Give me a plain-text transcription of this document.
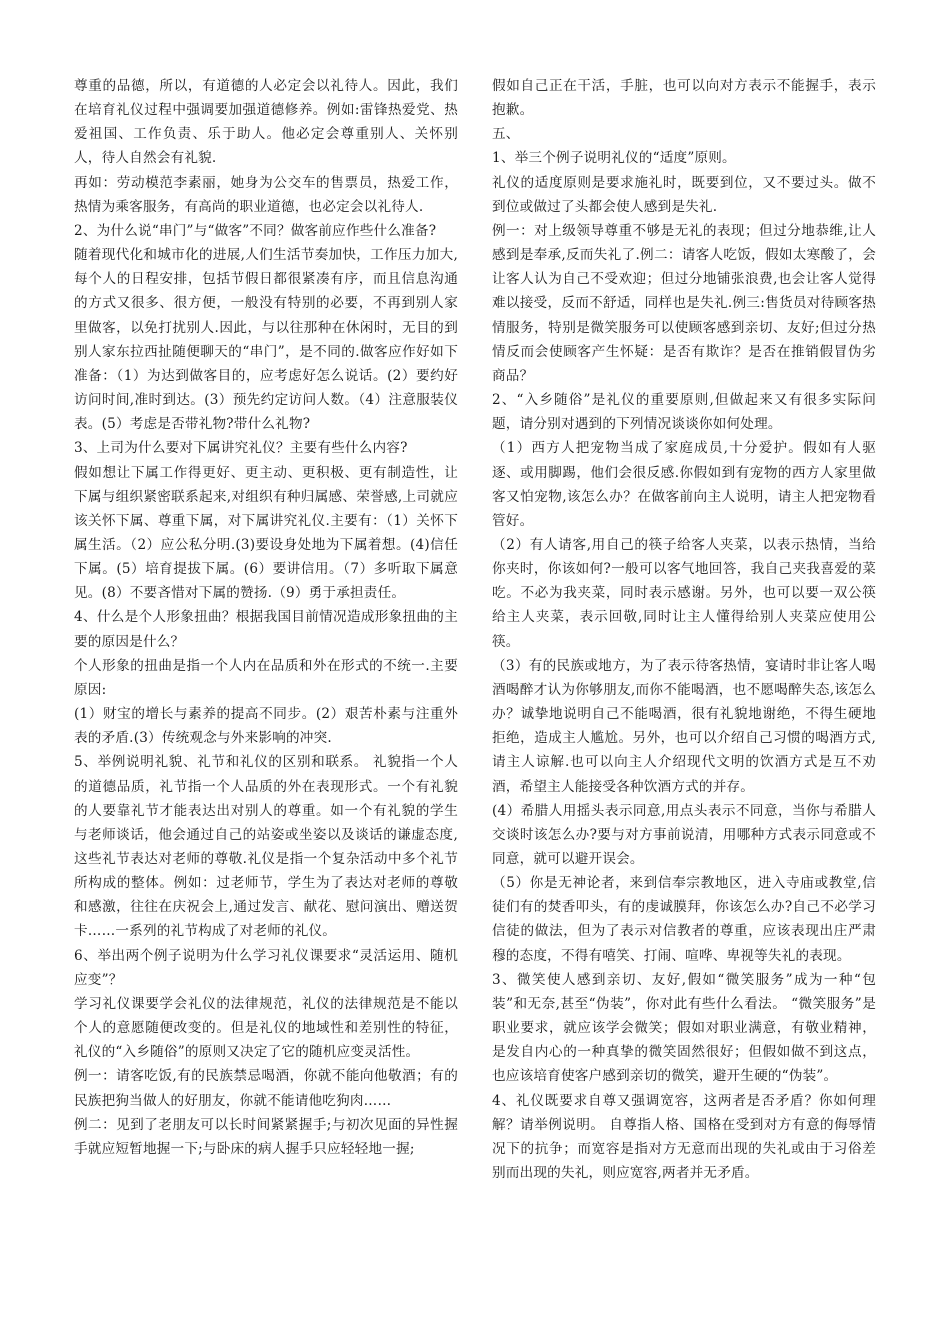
尊重的品德，所以，有道德的人必定会以礼待人。因此，我们在培育礼仪过程中强调要加强道德修养。例如:雷锋热爱党、热爱祖国、工作负责、乐于助人。他必定会尊重别人、关怀别人，待人自然会有礼貌.

再如：劳动模范李素丽，她身为公交车的售票员，热爱工作，热情为乘客服务，有高尚的职业道德，也必定会以礼待人.

2、为什么说“串门”与“做客”不同？做客前应作些什么准备?

随着现代化和城市化的进展,人们生活节奏加快，工作压力加大,每个人的日程安排，包括节假日都很紧凑有序，而且信息沟通的方式又很多、很方便，一般没有特别的必要，不再到别人家里做客，以免打扰别人.因此，与以往那种在休闲时，无目的到别人家东拉西扯随便聊天的“串门”，是不同的.做客应作好如下准备：（1）为达到做客目的，应考虑好怎么说话。(2）要约好访问时间,准时到达。(3）预先约定访问人数。（4）注意服装仪表。(5）考虑是否带礼物?带什么礼物?

3、上司为什么要对下属讲究礼仪？主要有些什么内容?

假如想让下属工作得更好、更主动、更积极、更有制造性，让下属与组织紧密联系起来,对组织有种归属感、荣誉感,上司就应该关怀下属、尊重下属，对下属讲究礼仪.主要有：（1）关怀下属生活。（2）应公私分明.(3)要设身处地为下属着想。(4)信任下属。(5）培育提拔下属。(6）要讲信用。（7）多听取下属意见。(8）不要吝惜对下属的赞扬.（9）勇于承担责任。

4、什么是个人形象扭曲？根据我国目前情况造成形象扭曲的主要的原因是什么？

个人形象的扭曲是指一个人内在品质和外在形式的不统一.主要原因:

(1）财宝的增长与素养的提高不同步。(2）艰苦朴素与注重外表的矛盾.(3）传统观念与外来影响的冲突.

5、举例说明礼貌、礼节和礼仪的区别和联系。 礼貌指一个人的道德品质，礼节指一个人品质的外在表现形式。一个有礼貌的人要靠礼节才能表达出对别人的尊重。如一个有礼貌的学生与老师谈话，他会通过自己的站姿或坐姿以及谈话的谦虚态度,这些礼节表达对老师的尊敬.礼仪是指一个复杂活动中多个礼节所构成的整体。例如：过老师节，学生为了表达对老师的尊敬和感激，往往在庆祝会上,通过发言、献花、慰问演出、赠送贺卡……一系列的礼节构成了对老师的礼仪。

6、举出两个例子说明为什么学习礼仪课要求“灵活运用、随机应变”？

学习礼仪课要学会礼仪的法律规范，礼仪的法律规范是不能以个人的意愿随便改变的。但是礼仪的地域性和差别性的特征，礼仪的“入乡随俗”的原则又决定了它的随机应变灵活性。

例一：请客吃饭,有的民族禁忌喝酒，你就不能向他敬酒；有的民族把狗当做人的好朋友，你就不能请他吃狗肉……

例二：见到了老朋友可以长时间紧紧握手;与初次见面的异性握手就应短暂地握一下;与卧床的病人握手只应轻轻地一握;

假如自己正在干活，手脏，也可以向对方表示不能握手，表示抱歉。

五、

1、举三个例子说明礼仪的“适度”原则。

礼仪的适度原则是要求施礼时，既要到位，又不要过头。做不到位或做过了头都会使人感到是失礼.

例一：对上级领导尊重不够是无礼的表现；但过分地恭维,让人感到是奉承,反而失礼了.例二：请客人吃饭，假如太寒酸了，会让客人认为自己不受欢迎；但过分地铺张浪费,也会让客人觉得难以接受，反而不舒适，同样也是失礼.例三:售货员对待顾客热情服务，特别是微笑服务可以使顾客感到亲切、友好;但过分热情反而会使顾客产生怀疑：是否有欺诈？是否在推销假冒伪劣商品？

2、“入乡随俗”是礼仪的重要原则,但做起来又有很多实际问题，请分别对遇到的下列情况谈谈你如何处理。

（1）西方人把宠物当成了家庭成员,十分爱护。假如有人驱逐、或用脚踢，他们会很反感.你假如到有宠物的西方人家里做客又怕宠物,该怎么办？在做客前向主人说明，请主人把宠物看管好。

（2）有人请客,用自己的筷子给客人夹菜，以表示热情，当给你夹时，你该如何?一般可以客气地回答，我自己夹我喜爱的菜吃。不必为我夹菜，同时表示感谢。另外，也可以要一双公筷给主人夹菜，表示回敬,同时让主人懂得给别人夹菜应使用公筷。

（3）有的民族或地方，为了表示待客热情，宴请时非让客人喝酒喝醉才认为你够朋友,而你不能喝酒，也不愿喝醉失态,该怎么办？诚挚地说明自己不能喝酒，很有礼貌地谢绝，不得生硬地拒绝，造成主人尴尬。另外，也可以介绍自己习惯的喝酒方式,请主人谅解.也可以向主人介绍现代文明的饮酒方式是互不劝酒，希望主人能接受各种饮酒方式的并存。

(4）希腊人用摇头表示同意,用点头表示不同意，当你与希腊人交谈时该怎么办?要与对方事前说清，用哪种方式表示同意或不同意，就可以避开误会。

（5）你是无神论者，来到信奉宗教地区，进入寺庙或教堂,信徒们有的焚香叩头，有的虔诚膜拜，你该怎么办?自己不必学习信徒的做法，但为了表示对信教者的尊重，应该表现出庄严肃穆的态度，不得有嘻笑、打闹、喧哗、卑视等失礼的表现。

3、微笑使人感到亲切、友好,假如“微笑服务”成为一种“包装”和无奈,甚至“伪装”，你对此有些什么看法。 “微笑服务”是职业要求，就应该学会微笑；假如对职业满意，有敬业精神，是发自内心的一种真挚的微笑固然很好；但假如做不到这点，也应该培育使客户感到亲切的微笑，避开生硬的“伪装”。

4、礼仪既要求自尊又强调宽容，这两者是否矛盾？你如何理解？请举例说明。 自尊指人格、国格在受到对方有意的侮辱情况下的抗争；而宽容是指对方无意而出现的失礼或由于习俗差别而出现的失礼，则应宽容,两者并无矛盾。
